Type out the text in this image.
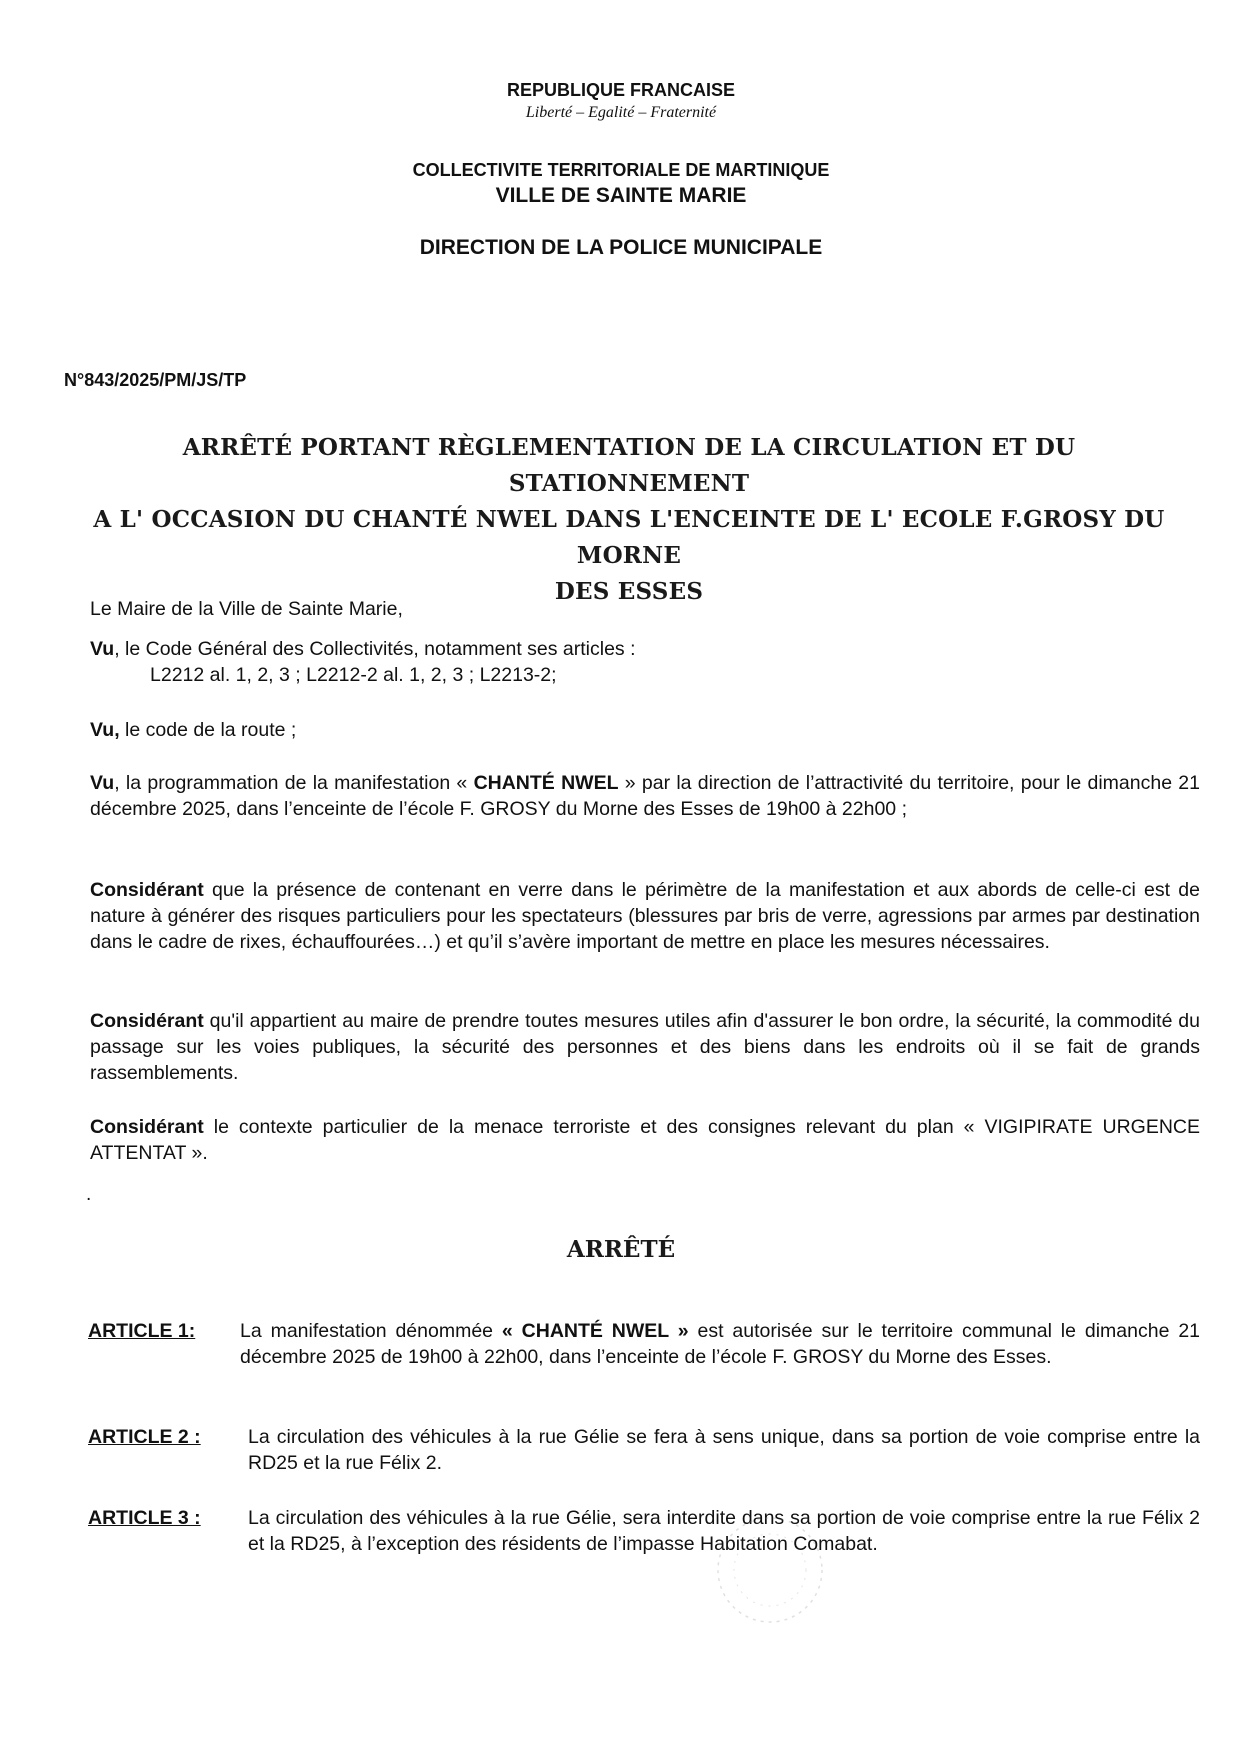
REPUBLIQUE FRANCAISE
Liberté – Egalité – Fraternité
COLLECTIVITE TERRITORIALE DE MARTINIQUE
VILLE DE SAINTE MARIE
DIRECTION DE LA POLICE MUNICIPALE
N°843/2025/PM/JS/TP
ARRÊTÉ PORTANT RÈGLEMENTATION DE LA CIRCULATION ET DU STATIONNEMENT
A L' OCCASION DU CHANTÉ NWEL DANS L'ENCEINTE DE L' ECOLE F.GROSY DU MORNE
DES ESSES
Le Maire de la Ville de Sainte Marie,
Vu, le Code Général des Collectivités, notamment ses articles :
L2212 al. 1, 2, 3 ; L2212-2 al. 1, 2, 3 ; L2213-2;
Vu, le code de la route ;
Vu, la programmation de la manifestation « CHANTÉ NWEL » par la direction de l’attractivité du territoire, pour le dimanche 21 décembre 2025, dans l’enceinte de l’école F. GROSY du Morne des Esses de 19h00 à 22h00 ;
Considérant que la présence de contenant en verre dans le périmètre de la manifestation et aux abords de celle-ci est de nature à générer des risques particuliers pour les spectateurs (blessures par bris de verre, agressions par armes par destination dans le cadre de rixes, échauffourées…) et qu’il s’avère important de mettre en place les mesures nécessaires.
Considérant qu'il appartient au maire de prendre toutes mesures utiles afin d'assurer le bon ordre, la sécurité, la commodité du passage sur les voies publiques, la sécurité des personnes et des biens dans les endroits où il se fait de grands rassemblements.
Considérant le contexte particulier de la menace terroriste et des consignes relevant du plan « VIGIPIRATE URGENCE ATTENTAT ».
.
ARRÊTÉ
ARTICLE 1:	La manifestation dénommée « CHANTÉ NWEL » est autorisée sur le territoire communal le dimanche 21 décembre 2025 de 19h00 à 22h00, dans l’enceinte de l’école F. GROSY du Morne des Esses.
ARTICLE 2 :	La circulation des véhicules à la rue Gélie se fera à sens unique, dans sa portion de voie comprise entre la RD25 et la rue Félix 2.
ARTICLE 3 :	La circulation des véhicules à la rue Gélie, sera interdite dans sa portion de voie comprise entre la rue Félix 2 et la RD25, à l’exception des résidents de l’impasse Habitation Comabat.
